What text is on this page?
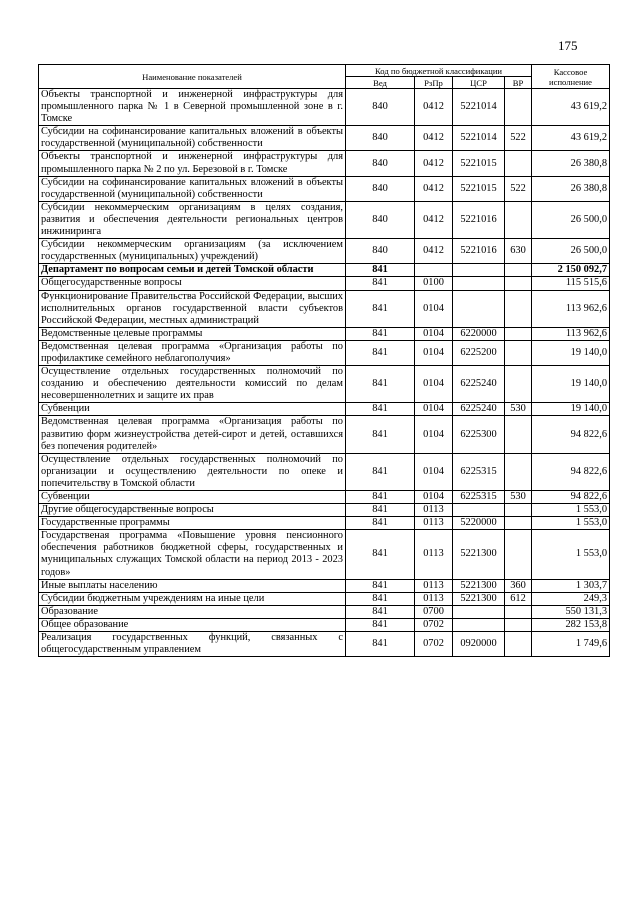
175
Наименование показателей	Код по бюджетной классификации				Кассовое исполнение
	Вед	РзПр	ЦСР	ВР	
Объекты транспортной и инженерной инфраструктуры для промышленного парка № 1 в Северной промышленной зоне в г. Томске	840	0412	5221014		43 619,2
Субсидии на софинансирование капитальных вложений в объекты государственной (муниципальной) собственности	840	0412	5221014	522	43 619,2
Объекты транспортной и инженерной инфраструктуры для промышленного парка № 2 по ул. Березовой в г. Томске	840	0412	5221015		26 380,8
Субсидии на софинансирование капитальных вложений в объекты государственной (муниципальной) собственности	840	0412	5221015	522	26 380,8
Субсидии некоммерческим организациям в целях создания, развития и обеспечения деятельности региональных центров инжиниринга	840	0412	5221016		26 500,0
Субсидии некоммерческим организациям (за исключением государственных (муниципальных) учреждений)	840	0412	5221016	630	26 500,0
Департамент по вопросам семьи и детей Томской области	841				2 150 092,7
Общегосударственные вопросы	841	0100			115 515,6
Функционирование Правительства Российской Федерации, высших исполнительных органов государственной власти субъектов Российской Федерации, местных администраций	841	0104			113 962,6
Ведомственные целевые программы	841	0104	6220000		113 962,6
Ведомственная целевая программа «Организация работы по профилактике семейного неблагополучия»	841	0104	6225200		19 140,0
Осуществление отдельных государственных полномочий по созданию и обеспечению деятельности комиссий по делам несовершеннолетних и защите их прав	841	0104	6225240		19 140,0
Субвенции	841	0104	6225240	530	19 140,0
Ведомственная целевая программа «Организация работы по развитию форм жизнеустройства детей-сирот и детей, оставшихся без попечения родителей»	841	0104	6225300		94 822,6
Осуществление отдельных государственных полномочий по организации и осуществлению деятельности по опеке и попечительству в Томской области	841	0104	6225315		94 822,6
Субвенции	841	0104	6225315	530	94 822,6
Другие общегосударственные вопросы	841	0113			1 553,0
Государственные программы	841	0113	5220000		1 553,0
Государственая программа «Повышение уровня пенсионного обеспечения работников бюджетной сферы, государственных и муниципальных служащих Томской области на период 2013 - 2023 годов»	841	0113	5221300		1 553,0
Иные выплаты населению	841	0113	5221300	360	1 303,7
Субсидии бюджетным учреждениям на иные цели	841	0113	5221300	612	249,3
Образование	841	0700			550 131,3
Общее образование	841	0702			282 153,8
Реализация государственных функций, связанных с общегосударственным управлением	841	0702	0920000		1 749,6
